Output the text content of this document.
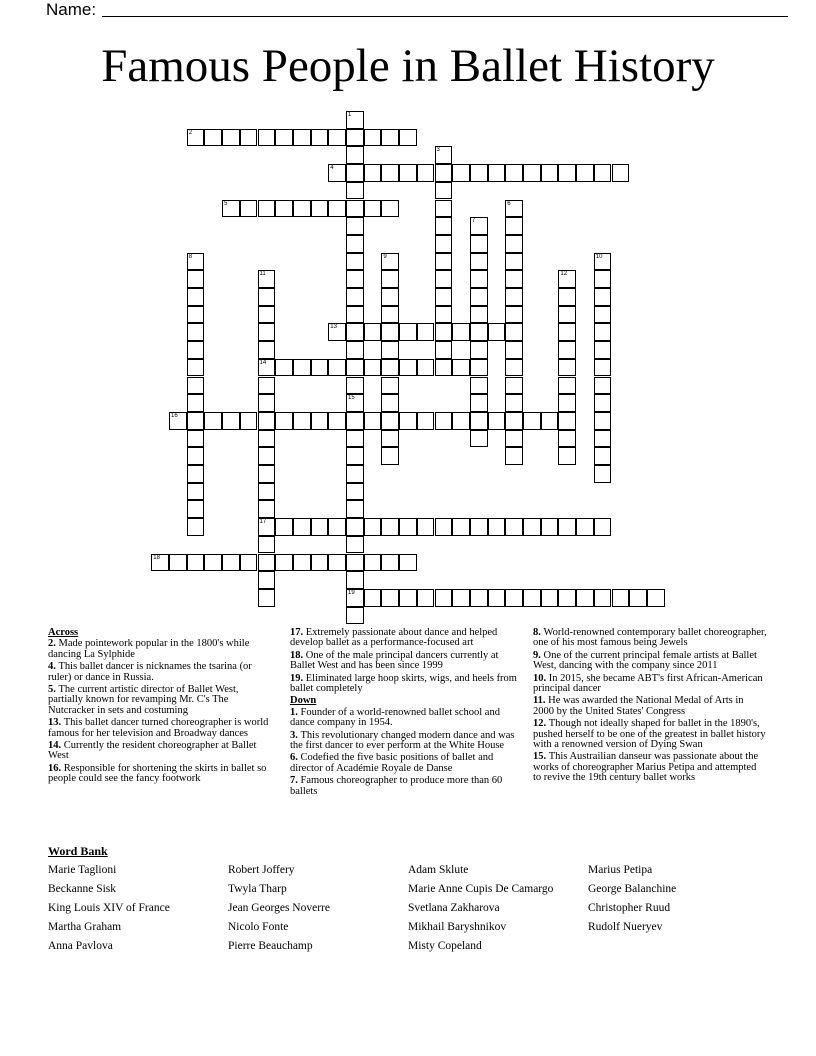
Name:
Famous People in Ballet History
2
4
5
13
14
16
17
18
19
1
15
3
6
7
8	9	10
11	12
Across
2. Made pointework popular in the 1800's while dancing La Sylphide
4. This ballet dancer is nicknames the tsarina (or ruler) or dance in Russia.
5. The current artistic director of Ballet West, partially known for revamping Mr. C's The Nutcracker in sets and costuming
13. This ballet dancer turned choreographer is world famous for her television and Broadway dances
14. Currently the resident choreographer at Ballet West
16. Responsible for shortening the skirts in ballet so people could see the fancy footwork
17. Extremely passionate about dance and helped develop ballet as a performance-focused art
18. One of the male principal dancers currently at Ballet West and has been since 1999
19. Eliminated large hoop skirts, wigs, and heels from ballet completely
Down
1. Founder of a world-renowned ballet school and dance company in 1954.
3. This revolutionary changed modern dance and was the first dancer to ever perform at the White House
6. Codefied the five basic positions of ballet and director of Académie Royale de Danse
7. Famous choreographer to produce more than 60 ballets
8. World-renowned contemporary ballet choreographer, one of his most famous being Jewels
9. One of the current principal female artists at Ballet West, dancing with the company since 2011
10. In 2015, she became ABT's first African-American principal dancer
11. He was awarded the National Medal of Arts in 2000 by the United States' Congress
12. Though not ideally shaped for ballet in the 1890's, pushed herself to be one of the greatest in ballet history with a renowned version of Dying Swan
15. This Austrailian danseur was passionate about the works of choreographer Marius Petipa and attempted to revive the 19th century ballet works
Word Bank
Marie Taglioni
Beckanne Sisk
King Louis XIV of France
Martha Graham
Anna Pavlova
Robert Joffery
Twyla Tharp
Jean Georges Noverre
Nicolo Fonte
Pierre Beauchamp
Adam Sklute
Marie Anne Cupis De Camargo
Svetlana Zakharova
Mikhail Baryshnikov
Misty Copeland
Marius Petipa
George Balanchine
Christopher Ruud
Rudolf Nueryev
